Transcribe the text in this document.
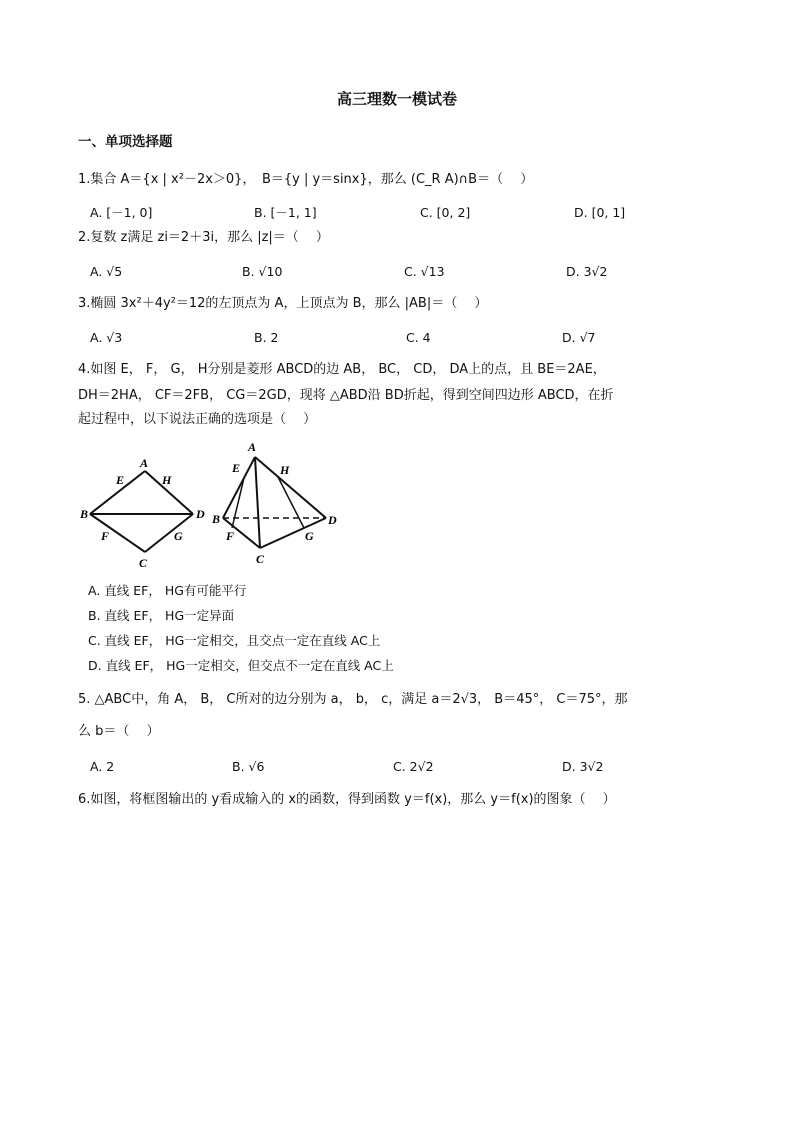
高三理数一模试卷
一、单项选择题
1.集合 A＝{x | x²－2x＞0}，　B＝{y | y＝sinx}，那么 (C_R A)∩B＝（　 ）
A. [－1, 0]	B. [－1, 1]	C. [0, 2]	D. [0, 1]
2.复数 z满足 zi＝2＋3i，那么 |z|＝（　 ）
A. √5	B. √10	C. √13	D. 3√2
3.椭圆 3x²＋4y²＝12的左顶点为 A，上顶点为 B，那么 |AB|＝（　 ）
A. √3	B. 2	C. 4	D. √7
4.如图 E， F， G， H分别是菱形 ABCD的边 AB， BC， CD， DA上的点，且 BE＝2AE，
DH＝2HA， CF＝2FB， CG＝2GD，现将 △ABD沿 BD折起，得到空间四边形 ABCD，在折
起过程中，以下说法正确的选项是（　 ）
A
E	H
B	D
F	G
C
A
E	H
B	D
F	G
C
A. 直线 EF， HG有可能平行
B. 直线 EF， HG一定异面
C. 直线 EF， HG一定相交，且交点一定在直线 AC上
D. 直线 EF， HG一定相交，但交点不一定在直线 AC上
5. △ABC中，角 A， B， C所对的边分别为 a， b， c，满足 a＝2√3， B＝45°， C＝75°，那
么 b＝（　 ）
A. 2	B. √6	C. 2√2	D. 3√2
6.如图，将框图输出的 y看成输入的 x的函数，得到函数 y＝f(x)，那么 y＝f(x)的图象（　 ）
